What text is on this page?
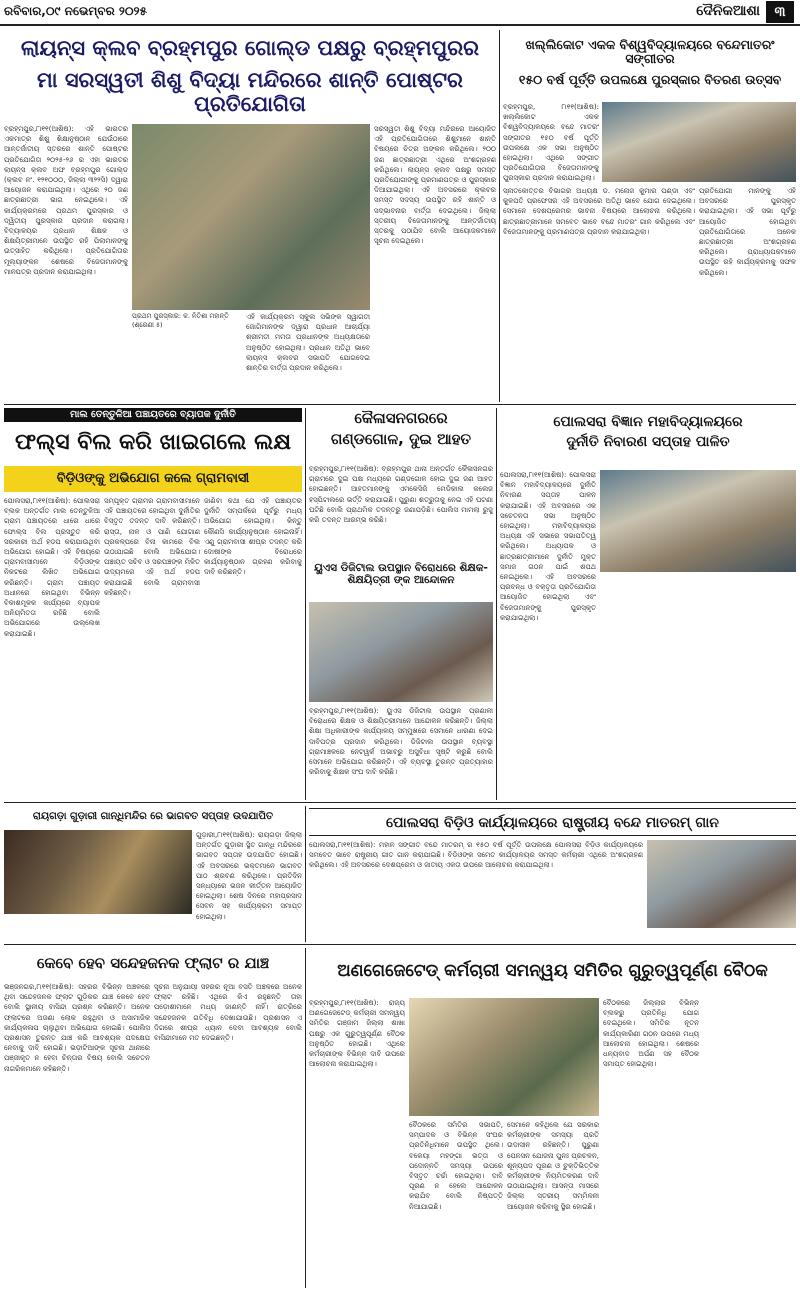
ରବିବାର,୦୯ ନଭେମ୍ବର ୨୦୨୫	ଦୈନିକଆଶା	୩
ଲାୟନ୍ସ କ୍ଲବ ବ୍ରହ୍ମପୁର ଗୋଲ୍ଡ ପକ୍ଷରୁ ବ୍ରହ୍ମପୁରର
ମା ସରସ୍ୱତୀ ଶିଶୁ ବିଦ୍ୟା ମନ୍ଦିରରେ ଶାନ୍ତି ପୋଷ୍ଟର ପ୍ରତିଯୋଗିତା
ବ୍ରହ୍ମପୁର,୮ା୧୧(ଆଶିଷ): ଏହି ଭାରତର ଏକମାତ୍ର ଶିଶୁ ଶିକ୍ଷାନୁଷ୍ଠାନ ଯେଉଁଠାରେ ଆନ୍ତର୍ଜାତୀୟ ସ୍ତରରେ ଶାନ୍ତି ପୋଷ୍ଟର ପ୍ରତିଯୋଗିତା ୨୦୨୫-୨୬ ର ଏହା ଭାରତର ଲାୟନ୍ସ କ୍ଲବ ଅଫ ବ୍ରହ୍ମପୁର ଗୋଲ୍ଡ (କ୍ଲବ ନଂ. ୧୨୧୦୦୦, ଜିଲ୍ଲା ୩୨୨ସି) ଦ୍ୱାରା ଆୟୋଜନ କରାଯାଇଥିଲା। ଏଥିରେ ୨୦ ଜଣ ଛାତ୍ରଛାତ୍ରୀ ଭାଗ ନେଇଥିଲେ। ଏହି କାର୍ଯ୍ୟକ୍ରମରେ ପ୍ରଥମ ପୁରସ୍କାର ଓ ଦ୍ୱିତୀୟ ପୁରସ୍କାର ପ୍ରଦାନ କରାଗଲା। ବିଦ୍ୟାଳୟର ପ୍ରଧାନ ଶିକ୍ଷକ ଓ ଶିକ୍ଷୟିତ୍ରୀମାନେ ଉପସ୍ଥିତ ରହି ପିଲାମାନଙ୍କୁ ଉତ୍ସାହିତ କରିଥିଲେ। ପ୍ରତିଯୋଗିତାର ମୂଲ୍ୟାଙ୍କନ ଶେଷରେ ବିଜେତାମାନଙ୍କୁ ମାନପତ୍ର ପ୍ରଦାନ କରାଯାଇଥିଲା।
ପ୍ରଥମ ପୁରସ୍କାର: କ. ନିତିଶା ମହାନ୍ତି (ଶ୍ରେଣୀ ୫)
ଏହି କାର୍ଯ୍ୟକ୍ରମ ସ୍କୁଲ ସଭିଙ୍କ ସ୍ୱାଗତୀ ଜୋଗିମାନଙ୍କ ଦ୍ୱାରା ପ୍ରଧାନ ଆଚାର୍ଯ୍ୟା ଶ୍ରୀମତୀ ମମତା ପ୍ରଧାନଙ୍କ ଅଧ୍ୟକ୍ଷତାରେ ଅନୁଷ୍ଠିତ ହୋଇଥିଲା। ପ୍ରଧାନ ଅତିଥି ଭାବେ ଲାୟନ୍ସ କ୍ଲବର ସଭାପତି ଯୋଗଦେଇ ଶାନ୍ତିର ବାର୍ତ୍ତା ପ୍ରଦାନ କରିଥିଲେ।
ସରସ୍ୱତୀ ଶିଶୁ ବିଦ୍ୟା ମନ୍ଦିରରେ ଆୟୋଜିତ ଏହି ପ୍ରତିଯୋଗିତାରେ ଶିଶୁମାନେ ଶାନ୍ତି ବିଷୟରେ ଚିତ୍ର ଅଙ୍କନ କରିଥିଲେ। ୨୦୦ ଜଣ ଛାତ୍ରଛାତ୍ରୀ ଏଥିରେ ଅଂଶଗ୍ରହଣ କରିଥିଲେ। ଲାୟନ୍ସ କ୍ଲବ ପକ୍ଷରୁ ସମସ୍ତ ପ୍ରତିଯୋଗୀଙ୍କୁ ପ୍ରମାଣପତ୍ର ଓ ପୁରସ୍କାର ଦିଆଯାଇଥିଲା। ଏହି ଅବସରରେ କ୍ଲବର ସମସ୍ତ ସଦସ୍ୟ ଉପସ୍ଥିତ ରହି ଶାନ୍ତି ଓ ସଦ୍ଭାବନାର ବାର୍ତ୍ତା ଦେଇଥିଲେ। ଜିଲ୍ଲା ସ୍ତରୀୟ ବିଜେତାମାନଙ୍କୁ ଆନ୍ତର୍ଜାତୀୟ ସ୍ତରକୁ ପଠାଯିବ ବୋଲି ଆୟୋଜକମାନେ ସୂଚନା ଦେଇଥିଲେ।
ଖଲ୍ଲିକୋଟ ଏକକ ବିଶ୍ୱବିଦ୍ୟାଳୟରେ ବନ୍ଦେମାତରଂ ସଙ୍ଗୀତର
୧୫୦ ବର୍ଷ ପୂର୍ତ୍ତି ଉପଲକ୍ଷେ ପୁରସ୍କାର ବିତରଣ ଉତ୍ସବ
ବ୍ରହ୍ମପୁର, ୮ା୧୧(ଆଶିଷ): ଖଲ୍ଲିକୋଟ ଏକକ ବିଶ୍ୱବିଦ୍ୟାଳୟରେ ବନ୍ଦେ ମାତରଂ ସଙ୍ଗୀତର ୧୫୦ ବର୍ଷ ପୂର୍ତ୍ତି ଉପଲକ୍ଷେ ଏକ ସଭା ଅନୁଷ୍ଠିତ ହୋଇଥିଲା। ଏଥିରେ ସଙ୍ଗୀତ ପ୍ରତିଯୋଗିତାର ବିଜେତାମାନଙ୍କୁ ପୁରସ୍କାର ପ୍ରଦାନ କରାଯାଇଥିଲା।
ସ୍ନାତକୋତ୍ତର ବିଭାଗର ଅଧ୍ୟକ୍ଷ ଡ. ମନୋଜ କୁମାର ପଣ୍ଡା ଏବଂ କୁଳପତି ପ୍ରଫେସର ଏହି ଅବସରରେ ଅତିଥି ଭାବେ ଯୋଗ ଦେଇଥିଲେ। ସେମାନେ ଦେଶପ୍ରେମର ଭାବନା ବିଷୟରେ ଆଲୋଚନା କରିଥିଲେ। ଛାତ୍ରଛାତ୍ରୀମାନେ ସମବେତ ଭାବେ ବନ୍ଦେ ମାତରଂ ଗାନ କରିଥିଲେ ଏବଂ ବିଜେତାମାନଙ୍କୁ ପ୍ରମାଣପତ୍ର ପ୍ରଦାନ କରାଯାଇଥିଲା।
ପ୍ରତିଯୋଗୀ ମାନଙ୍କୁ ଏହି ଅବସରରେ ପୁରସ୍କୃତ କରାଯାଇଥିଲା। ଏହି ସଭା ପୂର୍ବରୁ ଆୟୋଜିତ ହୋଇଥିବା ପ୍ରତିଯୋଗିତାରେ ଅନେକ ଛାତ୍ରଛାତ୍ରୀ ଅଂଶଗ୍ରହଣ କରିଥିଲେ। ପ୍ରାଧ୍ୟାପକମାନେ ଉପସ୍ଥିତ ରହି କାର୍ଯ୍ୟକ୍ରମକୁ ସଫଳ କରିଥିଲେ।
ମାଲ ତେନ୍ତୁଳିଆ ପଞ୍ଚାୟତରେ ବ୍ୟାପକ ଦୁର୍ନୀତି
ଫଲ୍ସ ବିଲ କରି ଖାଇଗଲେ ଲକ୍ଷ
ବିଡ଼ିଓଙ୍କୁ ଅଭିଯୋଗ କଲେ ଗ୍ରାମବାସୀ
ପୋଲସରା,୮ା୧୧(ଆଶିଷ): ପୋଲସରା ବ୍ଲକ ଅନ୍ତର୍ଗତ ମାଲ ତେନ୍ତୁଳିଆ ଗ୍ରାମ ପଞ୍ଚାୟତରେ ଧାରେ ଧାରେ ଫୋଲ୍ସ ବିଲ ପ୍ରସ୍ତୁତ କରି ସରକାରୀ ଅର୍ଥ ହଡପ କରାଯାଉଥିବା ଅଭିଯୋଗ ହୋଇଛି। ଏହି ବିଷୟରେ ଗ୍ରାମବାସୀମାନେ ବିଡ଼ିଓଙ୍କ ନିକଟରେ ଲିଖିତ ଅଭିଯୋଗ କରିଛନ୍ତି। ଗ୍ରାମ ପଞ୍ଚାୟତ ଅଧୀନରେ ହୋଇଥିବା ବିଭିନ୍ନ ବିକାଶମୂଳକ କାର୍ଯ୍ୟରେ ବ୍ୟାପକ ଅନିୟମିତତା ରହିଛି ବୋଲି ଅଭିଯୋଗରେ ଉଲ୍ଲେଖ କରାଯାଇଛି।
ସମ୍ପୃକ୍ତ ଗ୍ରାମର ଗ୍ରାମବାସୀମାନେ ଏହି ପଞ୍ଚାୟତରେ ହୋଇଥିବା ଦୁର୍ନୀତିର ବିସ୍ତୃତ ତଦନ୍ତ ଦାବି କରିଛନ୍ତି। ରାସ୍ତା, ନାଳ ଓ ପାଣି ଯୋଗାଣ ପ୍ରକଳ୍ପରେ ବିନା କାମରେ ବିଲ ଉଠାଯାଇଛି ବୋଲି ଅଭିଯୋଗ। ପଞ୍ଚାୟତ ସଚିବ ଓ ସରପଞ୍ଚଙ୍କ ମିଳିତ ଉଦ୍ୟମରେ ଏହି ଅର୍ଥ ହଡପ କରାଯାଇଛି ବୋଲି ଗ୍ରାମବାସୀ କହିଛନ୍ତି।
ଜାଣିବା କଥା ଯେ ଏହି ପଞ୍ଚାୟତର ଦୁର୍ନୀତି ସମ୍ପର୍କରେ ପୂର୍ବରୁ ମଧ୍ୟ ଅଭିଯୋଗ ହୋଇଥିଲା। କିନ୍ତୁ କୌଣସି କାର୍ଯ୍ୟାନୁଷ୍ଠାନ ହୋଇନାହିଁ। ଏଣୁ ଗ୍ରାମବାସୀ ଶୀଘ୍ର ତଦନ୍ତ କରି ଦୋଷୀଙ୍କ ବିରୋଧରେ କାର୍ଯ୍ୟାନୁଷ୍ଠାନ ଗ୍ରହଣ କରିବାକୁ ଦାବି କରିଛନ୍ତି।
କୈଳାସନଗରରେ
ଗଣ୍ଡଗୋଳ, ଦୁଇ ଆହତ
ବ୍ରହ୍ମପୁର,୮ା୧୧(ଆଶିଷ): ବ୍ରହ୍ମପୁର ଥାନା ଅନ୍ତର୍ଗତ କୈଳାସନଗର ଗ୍ରାମରେ ଦୁଇ ପକ୍ଷ ମଧ୍ୟରେ ଗଣ୍ଡଗୋଳ ହୋଇ ଦୁଇ ଜଣ ଆହତ ହୋଇଛନ୍ତି। ଆହତମାନଙ୍କୁ ଏମକେସିଜି ମେଡିକାଲ କଲେଜ ହସ୍ପିଟାଲରେ ଭର୍ତ୍ତି କରାଯାଇଛି। ପୁରୁଣା ଶତ୍ରୁତାକୁ ନେଇ ଏହି ଘଟଣା ଘଟିଛି ବୋଲି ପ୍ରାଥମିକ ତଦନ୍ତରୁ ଜଣାପଡ଼ିଛି। ପୋଲିସ ମାମଲା ରୁଜୁ କରି ତଦନ୍ତ ଆରମ୍ଭ କରିଛି।
ୟୁଏସ ଡିଜିଟାଲ ଉପସ୍ଥାନ ବିରୋଧରେ ଶିକ୍ଷକ-ଶିକ୍ଷୟିତ୍ରୀ ଙ୍କ ଆନ୍ଦୋଳନ
ବ୍ରହ୍ମପୁର,୮ା୧୧(ଆଶିଷ): ୟୁଏସ ଡିଜିଟାଲ ଉପସ୍ଥାନ ପ୍ରଣାଳୀ ବିରୋଧରେ ଶିକ୍ଷକ ଓ ଶିକ୍ଷୟିତ୍ରୀମାନେ ଆନ୍ଦୋଳନ କରିଛନ୍ତି। ଜିଲ୍ଲା ଶିକ୍ଷା ଅଧିକାରୀଙ୍କ କାର୍ଯ୍ୟାଳୟ ସମ୍ମୁଖରେ ସେମାନେ ଧାରଣା ଦେଇ ଦାବିପତ୍ର ପ୍ରଦାନ କରିଥିଲେ। ଡିଜିଟାଲ ଉପସ୍ଥାନ ବ୍ୟବସ୍ଥା ଗ୍ରାମାଞ୍ଚଳରେ ନେଟୱର୍କ ଅଭାବରୁ ଅସୁବିଧା ସୃଷ୍ଟି କରୁଛି ବୋଲି ସେମାନେ ଅଭିଯୋଗ କରିଛନ୍ତି। ଏହି ବ୍ୟବସ୍ଥା ତୁରନ୍ତ ପ୍ରତ୍ୟାହାର କରିବାକୁ ଶିକ୍ଷକ ସଂଘ ଦାବି କରିଛି।
ପୋଲସରା ବିଜ୍ଞାନ ମହାବିଦ୍ୟାଳୟରେ
ଦୁର୍ନୀତି ନିବାରଣ ସପ୍ତାହ ପାଳିତ
ପୋଲସରା,୮ା୧୧(ଆଶିଷ): ପୋଲସରା ବିଜ୍ଞାନ ମହାବିଦ୍ୟାଳୟରେ ଦୁର୍ନୀତି ନିବାରଣ ସପ୍ତାହ ପାଳନ କରାଯାଇଛି। ଏହି ଅବସରରେ ଏକ ସଚେତନତା ସଭା ଅନୁଷ୍ଠିତ ହୋଇଥିଲା। ମହାବିଦ୍ୟାଳୟର ଅଧ୍ୟକ୍ଷ ଏହି ସଭାରେ ସଭାପତିତ୍ୱ କରିଥିଲେ। ଅଧ୍ୟାପକ ଓ ଛାତ୍ରଛାତ୍ରୀମାନେ ଦୁର୍ନୀତି ମୁକ୍ତ ସମାଜ ଗଠନ ପାଇଁ ଶପଥ ନେଇଥିଲେ। ଏହି ଅବସରରେ ପ୍ରବନ୍ଧ ଓ ବକ୍ତୃତା ପ୍ରତିଯୋଗିତା ଆୟୋଜିତ ହୋଇଥିଲା ଏବଂ ବିଜେତାମାନଙ୍କୁ ପୁରସ୍କୃତ କରାଯାଇଥିଲା।
ରାୟଗଡ଼ା ଗୁଡ଼ାରୀ ଗାନ୍ଧିମନ୍ଦିର ରେ ଭାଗବତ ସପ୍ତାହ ଉଦଯାପିତ
ଗୁଡ଼ାରୀ,୮ା୧୧(ଆଶିଷ): ରାୟଗଡ଼ା ଜିଲ୍ଲା ଅନ୍ତର୍ଗତ ଗୁଡ଼ାରୀ ସ୍ଥିତ ଗାନ୍ଧି ମନ୍ଦିରରେ ଭାଗବତ ସପ୍ତାହ ଉଦଯାପିତ ହୋଇଛି। ଏହି ଅବସରରେ ଭକ୍ତମାନେ ଭାଗବତ ପାଠ ଶ୍ରବଣ କରିଥିଲେ। ପ୍ରତିଦିନ ସନ୍ଧ୍ୟାରେ ଭଜନ କୀର୍ତ୍ତନ ଆୟୋଜିତ ହୋଇଥିଲା। ଶେଷ ଦିନରେ ମହାପ୍ରସାଦ ସେବନ ସହ କାର୍ଯ୍ୟକ୍ରମ ସମାପ୍ତ ହୋଇଥିଲା।
ପୋଲସରା ବିଡ଼ିଓ କାର୍ଯ୍ୟାଳୟରେ ରାଷ୍ଟ୍ରୀୟ ବନ୍ଦେ ମାତରମ୍ ଗାନ
ପୋଲସରା,୮ା୧୧(ଆଶିଷ): ମହାନ ସଙ୍ଗୀତ ବନ୍ଦେ ମାତରମ୍ ର ୧୫୦ ବର୍ଷ ପୂର୍ତ୍ତି ଉପଲକ୍ଷେ ପୋଲସରା ବିଡ଼ିଓ କାର୍ଯ୍ୟାଳୟରେ ସମବେତ ଭାବେ ରାଷ୍ଟ୍ରୀୟ ଗୀତ ଗାନ କରାଯାଇଛି। ବିଡ଼ିଓଙ୍କ ସମେତ କାର୍ଯ୍ୟାଳୟର ସମସ୍ତ କର୍ମଚାରୀ ଏଥିରେ ଅଂଶଗ୍ରହଣ କରିଥିଲେ। ଏହି ଅବସରରେ ଦେଶପ୍ରେମ ଓ ଜାତୀୟ ଏକତା ଉପରେ ଆଲୋଚନା କରାଯାଇଥିଲା।
କେବେ ହେବ ସନ୍ଦେହଜନକ ଫ୍ଲାଟ ର ଯାଞ୍ଚ
ଭଞ୍ଜନଗର,୮ା୧୧(ଆଶିଷ): ସହରର ବିଭିନ୍ନ ଅଞ୍ଚଳରେ ଥିବା ସନ୍ଦେହଜନକ ଫ୍ଲାଟ ଗୁଡ଼ିକର ଯାଞ୍ଚ କେବେ ହେବ ବୋଲି ସ୍ଥାନୀୟ ବାସିନ୍ଦା ପ୍ରଶ୍ନ କରିଛନ୍ତି। ଅନେକ ଫ୍ଲାଟରେ ଅଜଣା ଲୋକ ରହୁଥିବା ଓ ଅସାମାଜିକ କାର୍ଯ୍ୟକଳାପ ଚାଲୁଥିବା ଅଭିଯୋଗ ହୋଇଛି। ପୋଲିସ ପ୍ରଶାସନ ତୁରନ୍ତ ଯାଞ୍ଚ କରି ଆବଶ୍ୟକ ପଦକ୍ଷେପ ନେବାକୁ ଦାବି ହୋଇଛି। ଭଡ଼ାଟିଆଙ୍କ ସୂଚନା ଥାନାରେ ପଞ୍ଜୀକୃତ ନ ହେବା ଚିନ୍ତାର ବିଷୟ ବୋଲି ସଚେତନ ନାଗରିକମାନେ କହିଛନ୍ତି।
ସୂଚନା ଅନୁଯାୟୀ ସହରର ନୂଆ ବସତି ଅଞ୍ଚଳରେ ଅନେକ ଫ୍ଲାଟ ରହିଛି। ଏଥିରେ କିଏ ରହୁଛନ୍ତି ତାହା ପଡ଼ୋଶୀମାନେ ମଧ୍ୟ ଜାଣନ୍ତି ନାହିଁ। ରାତ୍ରିରେ ସନ୍ଦେହଜନକ ଗତିବିଧି ଦେଖାଯାଉଛି। ପ୍ରଶାସନ ଏ ଦିଗରେ ଶୀଘ୍ର ଧ୍ୟାନ ଦେବା ଆବଶ୍ୟକ ବୋଲି ବାସିନ୍ଦାମାନେ ମତ ଦେଇଛନ୍ତି।
ଅଣଗେଜେଟେଡ୍ କର୍ମଚାରୀ ସମନ୍ୱୟ ସମିତିର ଗୁରୁତ୍ୱପୂର୍ଣ୍ଣ ବୈଠକ
ବ୍ରହ୍ମପୁର,୮ା୧୧(ଆଶିଷ): ରାଜ୍ୟ ଅଣଗେଜେଟେଡ୍ କର୍ମଚାରୀ ସମନ୍ୱୟ ସମିତିର ଗଞ୍ଜାମ ଜିଲ୍ଲା ଶାଖା ପକ୍ଷରୁ ଏକ ଗୁରୁତ୍ୱପୂର୍ଣ୍ଣ ବୈଠକ ଅନୁଷ୍ଠିତ ହୋଇଛି। ଏଥିରେ କର୍ମଚାରୀଙ୍କ ବିଭିନ୍ନ ଦାବି ଉପରେ ଆଲୋଚନା କରାଯାଇଥିଲା।
ବୈଠକରେ ସମିତିର ସଭାପତି, ସମ୍ପାଦକ ଓ ବିଭିନ୍ନ ସଂଘର ପ୍ରତିନିଧିମାନେ ଉପସ୍ଥିତ ଥିଲେ। ବକେୟା ମହଙ୍ଗା ଭତ୍ତା ଓ ପଦୋନ୍ନତି ସମସ୍ୟା ଉପରେ ବିସ୍ତୃତ ଚର୍ଚ୍ଚା ହୋଇଥିଲା। ଦାବି ପୂରଣ ନ ହେଲେ ଆନ୍ଦୋଳନ କରାଯିବ ବୋଲି ନିଷ୍ପତ୍ତି ନିଆଯାଇଛି।
ସେମାନେ କହିଥିଲେ ଯେ ସରକାର କର୍ମଚାରୀଙ୍କ ସମସ୍ୟା ପ୍ରତି ଉଦାସୀନ ରହିଛନ୍ତି। ପୁରୁଣା ପେନସନ ଯୋଜନା ପୁନଃ ପ୍ରଚଳନ, ଶୂନ୍ୟପଦ ପୂରଣ ଓ ଚୁକ୍ତିଭିତ୍ତିକ କର୍ମଚାରୀଙ୍କ ନିୟମିତକରଣ ଦାବି ଉଠାଯାଇଥିଲା। ଆସନ୍ତା ମାସରେ ଜିଲ୍ଲା ସ୍ତରୀୟ ସମ୍ମିଳନୀ ଆୟୋଜନ କରିବାକୁ ସ୍ଥିର ହୋଇଛି।
ବୈଠକରେ ଜିଲ୍ଲାର ବିଭିନ୍ନ ବ୍ଲକରୁ ପ୍ରତିନିଧି ଯୋଗ ଦେଇଥିଲେ। ସମିତିର ନୂତନ କାର୍ଯ୍ୟକାରିଣୀ ଗଠନ ଉପରେ ମଧ୍ୟ ଆଲୋଚନା ହୋଇଥିଲା। ଶେଷରେ ଧନ୍ୟବାଦ ଅର୍ପଣ ସହ ବୈଠକ ସମାପ୍ତ ହୋଇଥିଲା।
